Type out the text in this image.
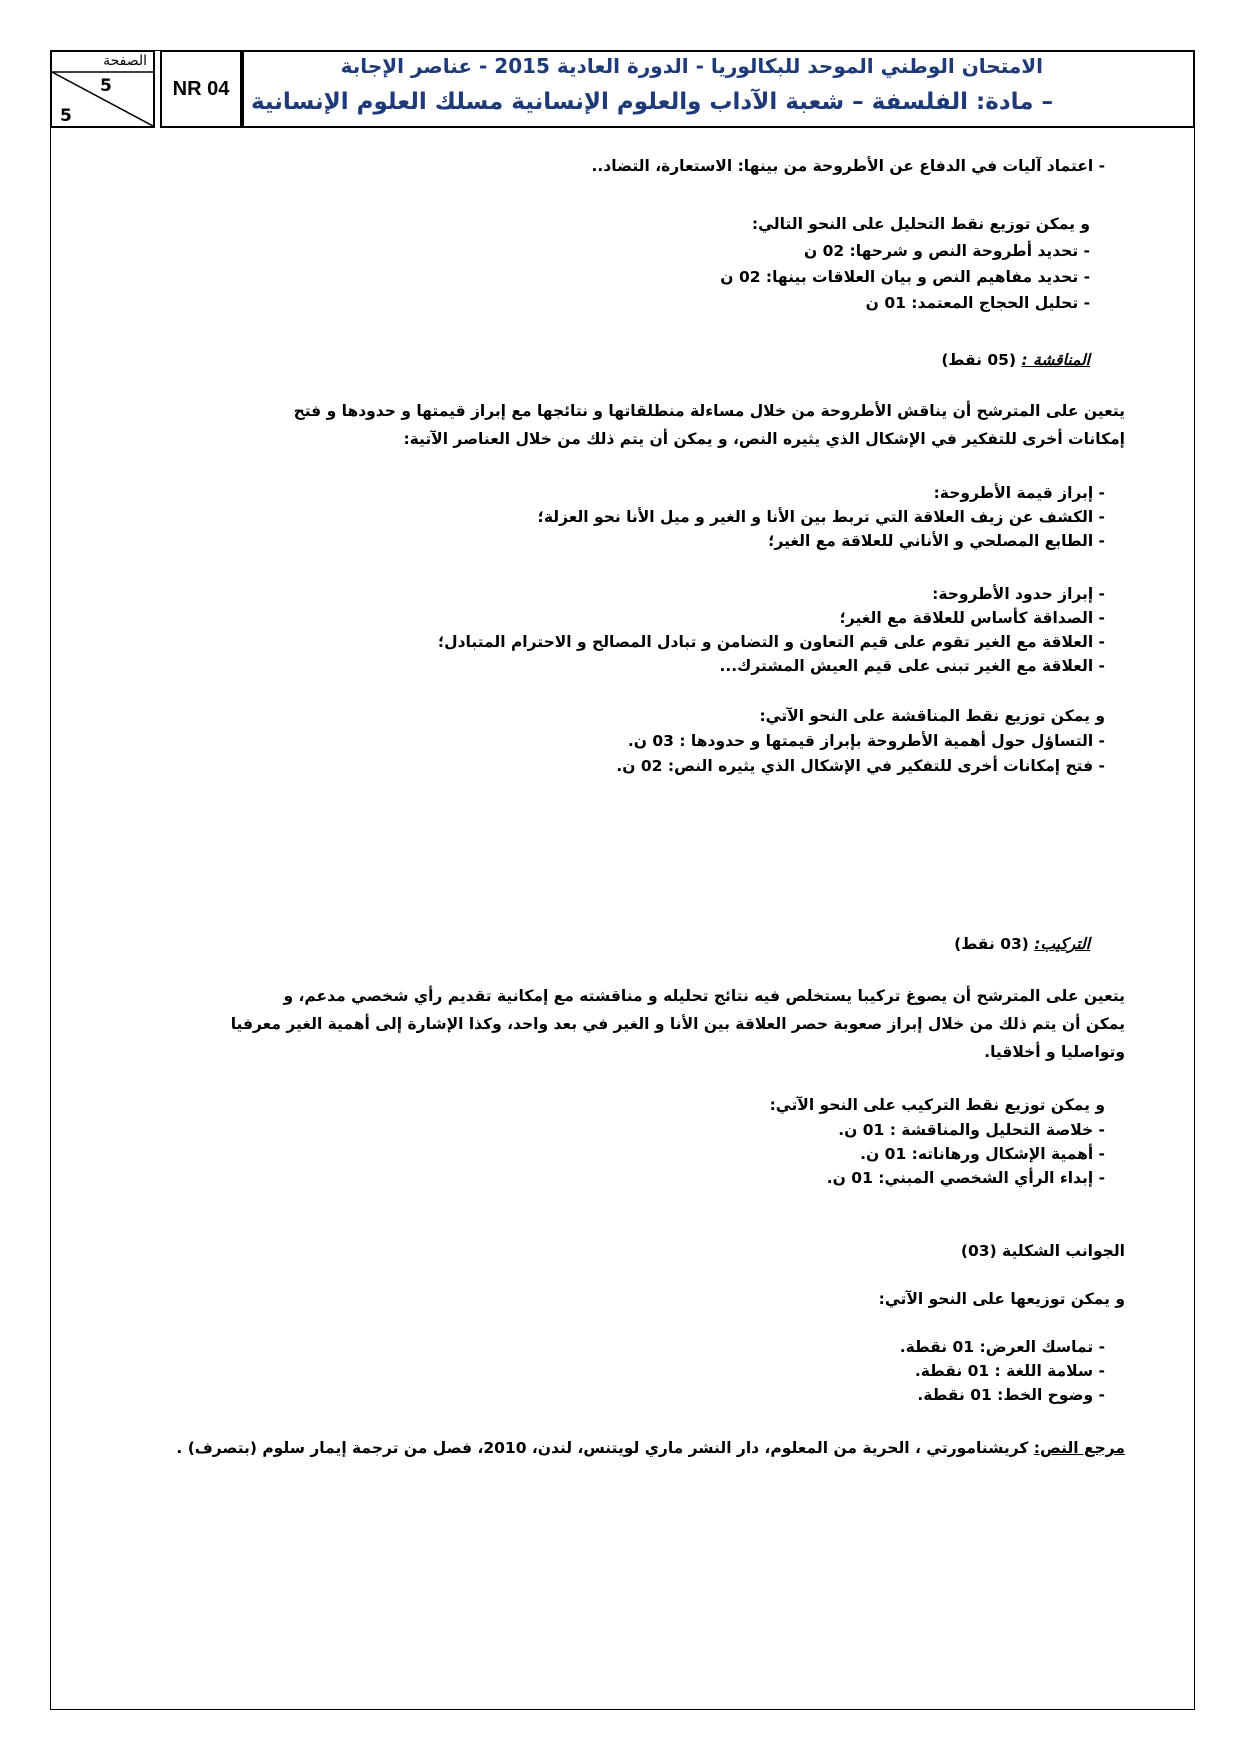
الصفحة
5
5
NR 04
الامتحان الوطني الموحد للبكالوريا - الدورة العادية 2015 - عناصر الإجابة
– مادة: الفلسفة – شعبة الآداب والعلوم الإنسانية مسلك العلوم الإنسانية
- اعتماد آليات في الدفاع عن الأطروحة من بينها: الاستعارة، التضاد..
و يمكن توزيع نقط التحليل على النحو التالي:
- تحديد أطروحة النص و شرحها: 02 ن
- تحديد مفاهيم النص و بيان العلاقات بينها: 02 ن
- تحليل الحجاج المعتمد: 01 ن
المناقشة : (05 نقط)
يتعين على المترشح أن يناقش الأطروحة من خلال مساءلة منطلقاتها و نتائجها مع إبراز قيمتها و حدودها و فتح
إمكانات أخرى للتفكير في الإشكال الذي يثيره النص، و يمكن أن يتم ذلك من خلال العناصر الآتية:
- إبراز قيمة الأطروحة:
- الكشف عن زيف العلاقة التي تربط بين الأنا و الغير و ميل الأنا نحو العزلة؛
- الطابع المصلحي و الأناني للعلاقة مع الغير؛
- إبراز حدود الأطروحة:
- الصداقة كأساس للعلاقة مع الغير؛
- العلاقة مع الغير تقوم على قيم التعاون و التضامن و تبادل المصالح و الاحترام المتبادل؛
- العلاقة مع الغير تبنى على قيم العيش المشترك...
و يمكن توزيع نقط المناقشة على النحو الآتي:
- التساؤل حول أهمية الأطروحة بإبراز قيمتها و حدودها : 03 ن.
- فتح إمكانات أخرى للتفكير في الإشكال الذي يثيره النص: 02 ن.
التركيب: (03 نقط)
يتعين على المترشح أن يصوغ تركيبا يستخلص فيه نتائج تحليله و مناقشته مع إمكانية تقديم رأي شخصي مدعم، و
يمكن أن يتم ذلك من خلال إبراز صعوبة حصر العلاقة بين الأنا و الغير في بعد واحد، وكذا الإشارة إلى أهمية الغير معرفيا
وتواصليا و أخلاقيا.
و يمكن توزيع نقط التركيب على النحو الآتي:
- خلاصة التحليل والمناقشة : 01 ن.
- أهمية الإشكال ورهاناته: 01 ن.
- إبداء الرأي الشخصي المبني: 01 ن.
الجوانب الشكلية (03)
و يمكن توزيعها على النحو الآتي:
- تماسك العرض: 01 نقطة.
- سلامة اللغة : 01 نقطة.
- وضوح الخط: 01 نقطة.
مرجع النص: كريشنامورتي ، الحرية من المعلوم، دار النشر ماري لويتنس، لندن، 2010، فصل من ترجمة إيمار سلوم (بتصرف) .
